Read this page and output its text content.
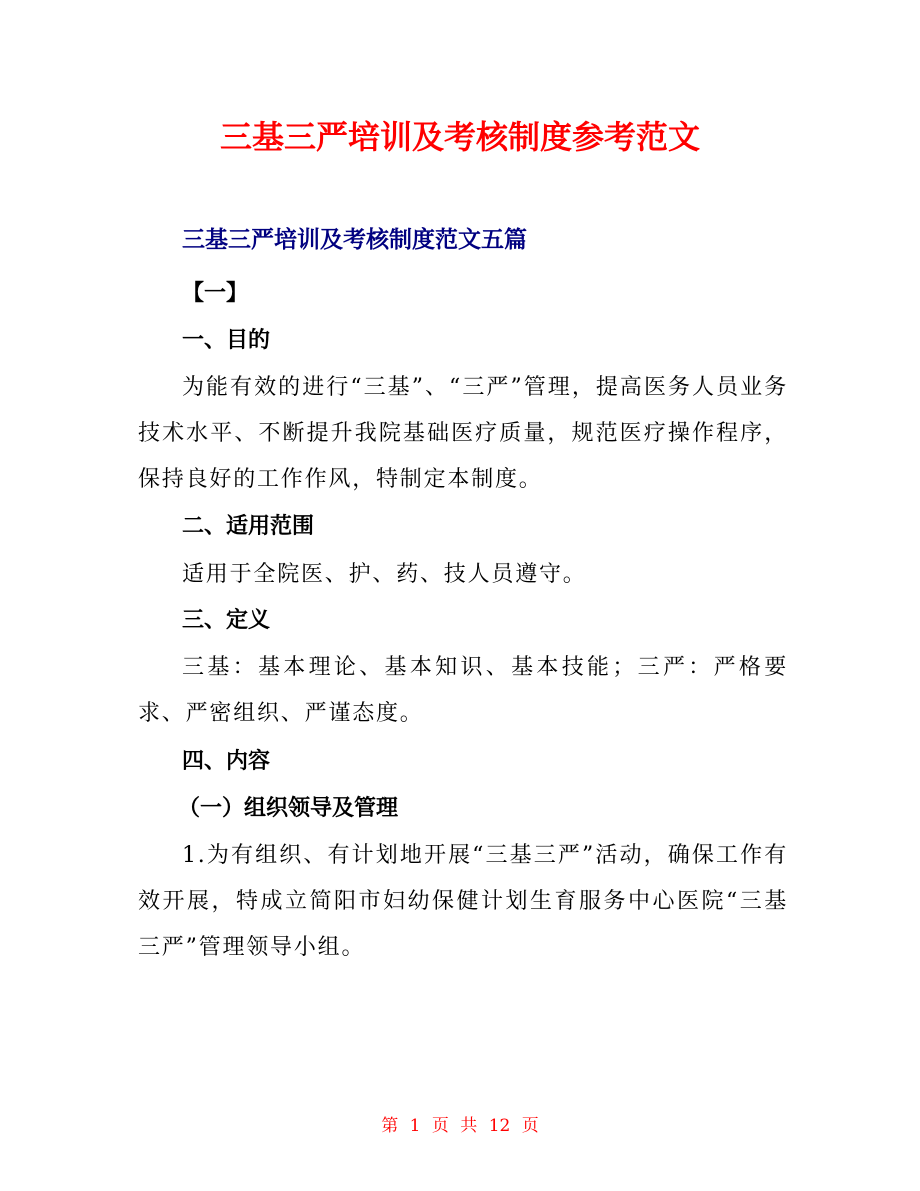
三基三严培训及考核制度参考范文
三基三严培训及考核制度范文五篇
【一】
一、目的

为能有效的进行“三基”、“三严”管理，提高医务人员业务技术水平、不断提升我院基础医疗质量，规范医疗操作程序，保持良好的工作作风，特制定本制度。

二、适用范围

适用于全院医、护、药、技人员遵守。

三、定义

三基：基本理论、基本知识、基本技能；三严：严格要求、严密组织、严谨态度。

四、内容
（一）组织领导及管理

1.为有组织、有计划地开展“三基三严”活动，确保工作有效开展，特成立简阳市妇幼保健计划生育服务中心医院“三基三严”管理领导小组。

第 1 页 共 12 页
